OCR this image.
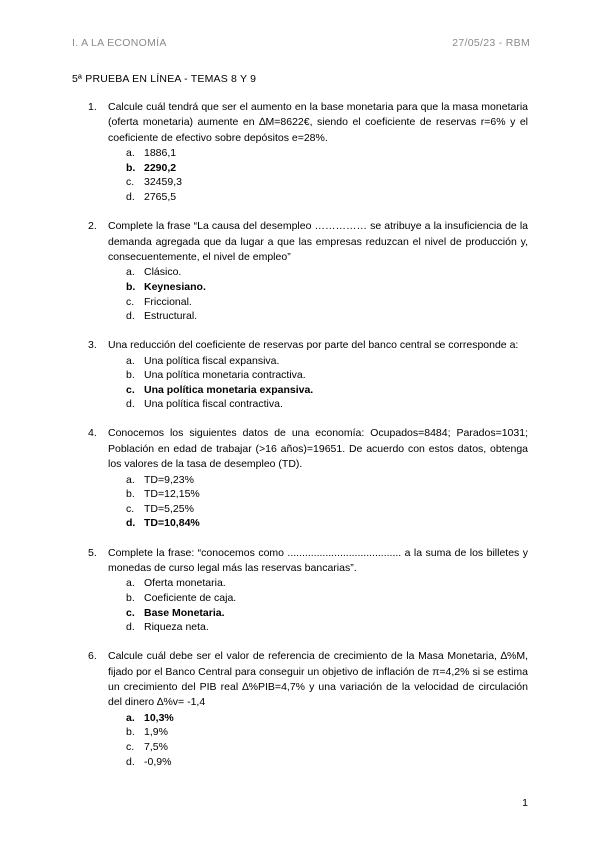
I. A LA ECONOMÍA	27/05/23 - RBM
5ª PRUEBA EN LÍNEA - TEMAS 8 Y 9
1.	Calcule cuál tendrá que ser el aumento en la base monetaria para que la masa monetaria (oferta monetaria) aumente en ∆M=8622€, siendo el coeficiente de reservas r=6% y el coeficiente de efectivo sobre depósitos e=28%.
a. 1886,1
b. 2290,2
c. 32459,3
d. 2765,5
2.	Complete la frase “La causa del desempleo …………… se atribuye a la insuficiencia de la demanda agregada que da lugar a que las empresas reduzcan el nivel de producción y, consecuentemente, el nivel de empleo”
a. Clásico.
b. Keynesiano.
c. Friccional.
d. Estructural.
3.	Una reducción del coeficiente de reservas por parte del banco central se corresponde a:
a. Una política fiscal expansiva.
b. Una política monetaria contractiva.
c. Una política monetaria expansiva.
d. Una política fiscal contractiva.
4.	Conocemos los siguientes datos de una economía: Ocupados=8484; Parados=1031; Población en edad de trabajar (>16 años)=19651. De acuerdo con estos datos, obtenga los valores de la tasa de desempleo (TD).
a. TD=9,23%
b. TD=12,15%
c. TD=5,25%
d. TD=10,84%
5.	Complete la frase: “conocemos como ....................................... a la suma de los billetes y monedas de curso legal más las reservas bancarias”.
a. Oferta monetaria.
b. Coeficiente de caja.
c. Base Monetaria.
d. Riqueza neta.
6.	Calcule cuál debe ser el valor de referencia de crecimiento de la Masa Monetaria, ∆%M, fijado por el Banco Central para conseguir un objetivo de inflación de π=4,2% si se estima un crecimiento del PIB real ∆%PIB=4,7% y una variación de la velocidad de circulación del dinero ∆%v= -1,4
a. 10,3%
b. 1,9%
c. 7,5%
d. -0,9%
1
